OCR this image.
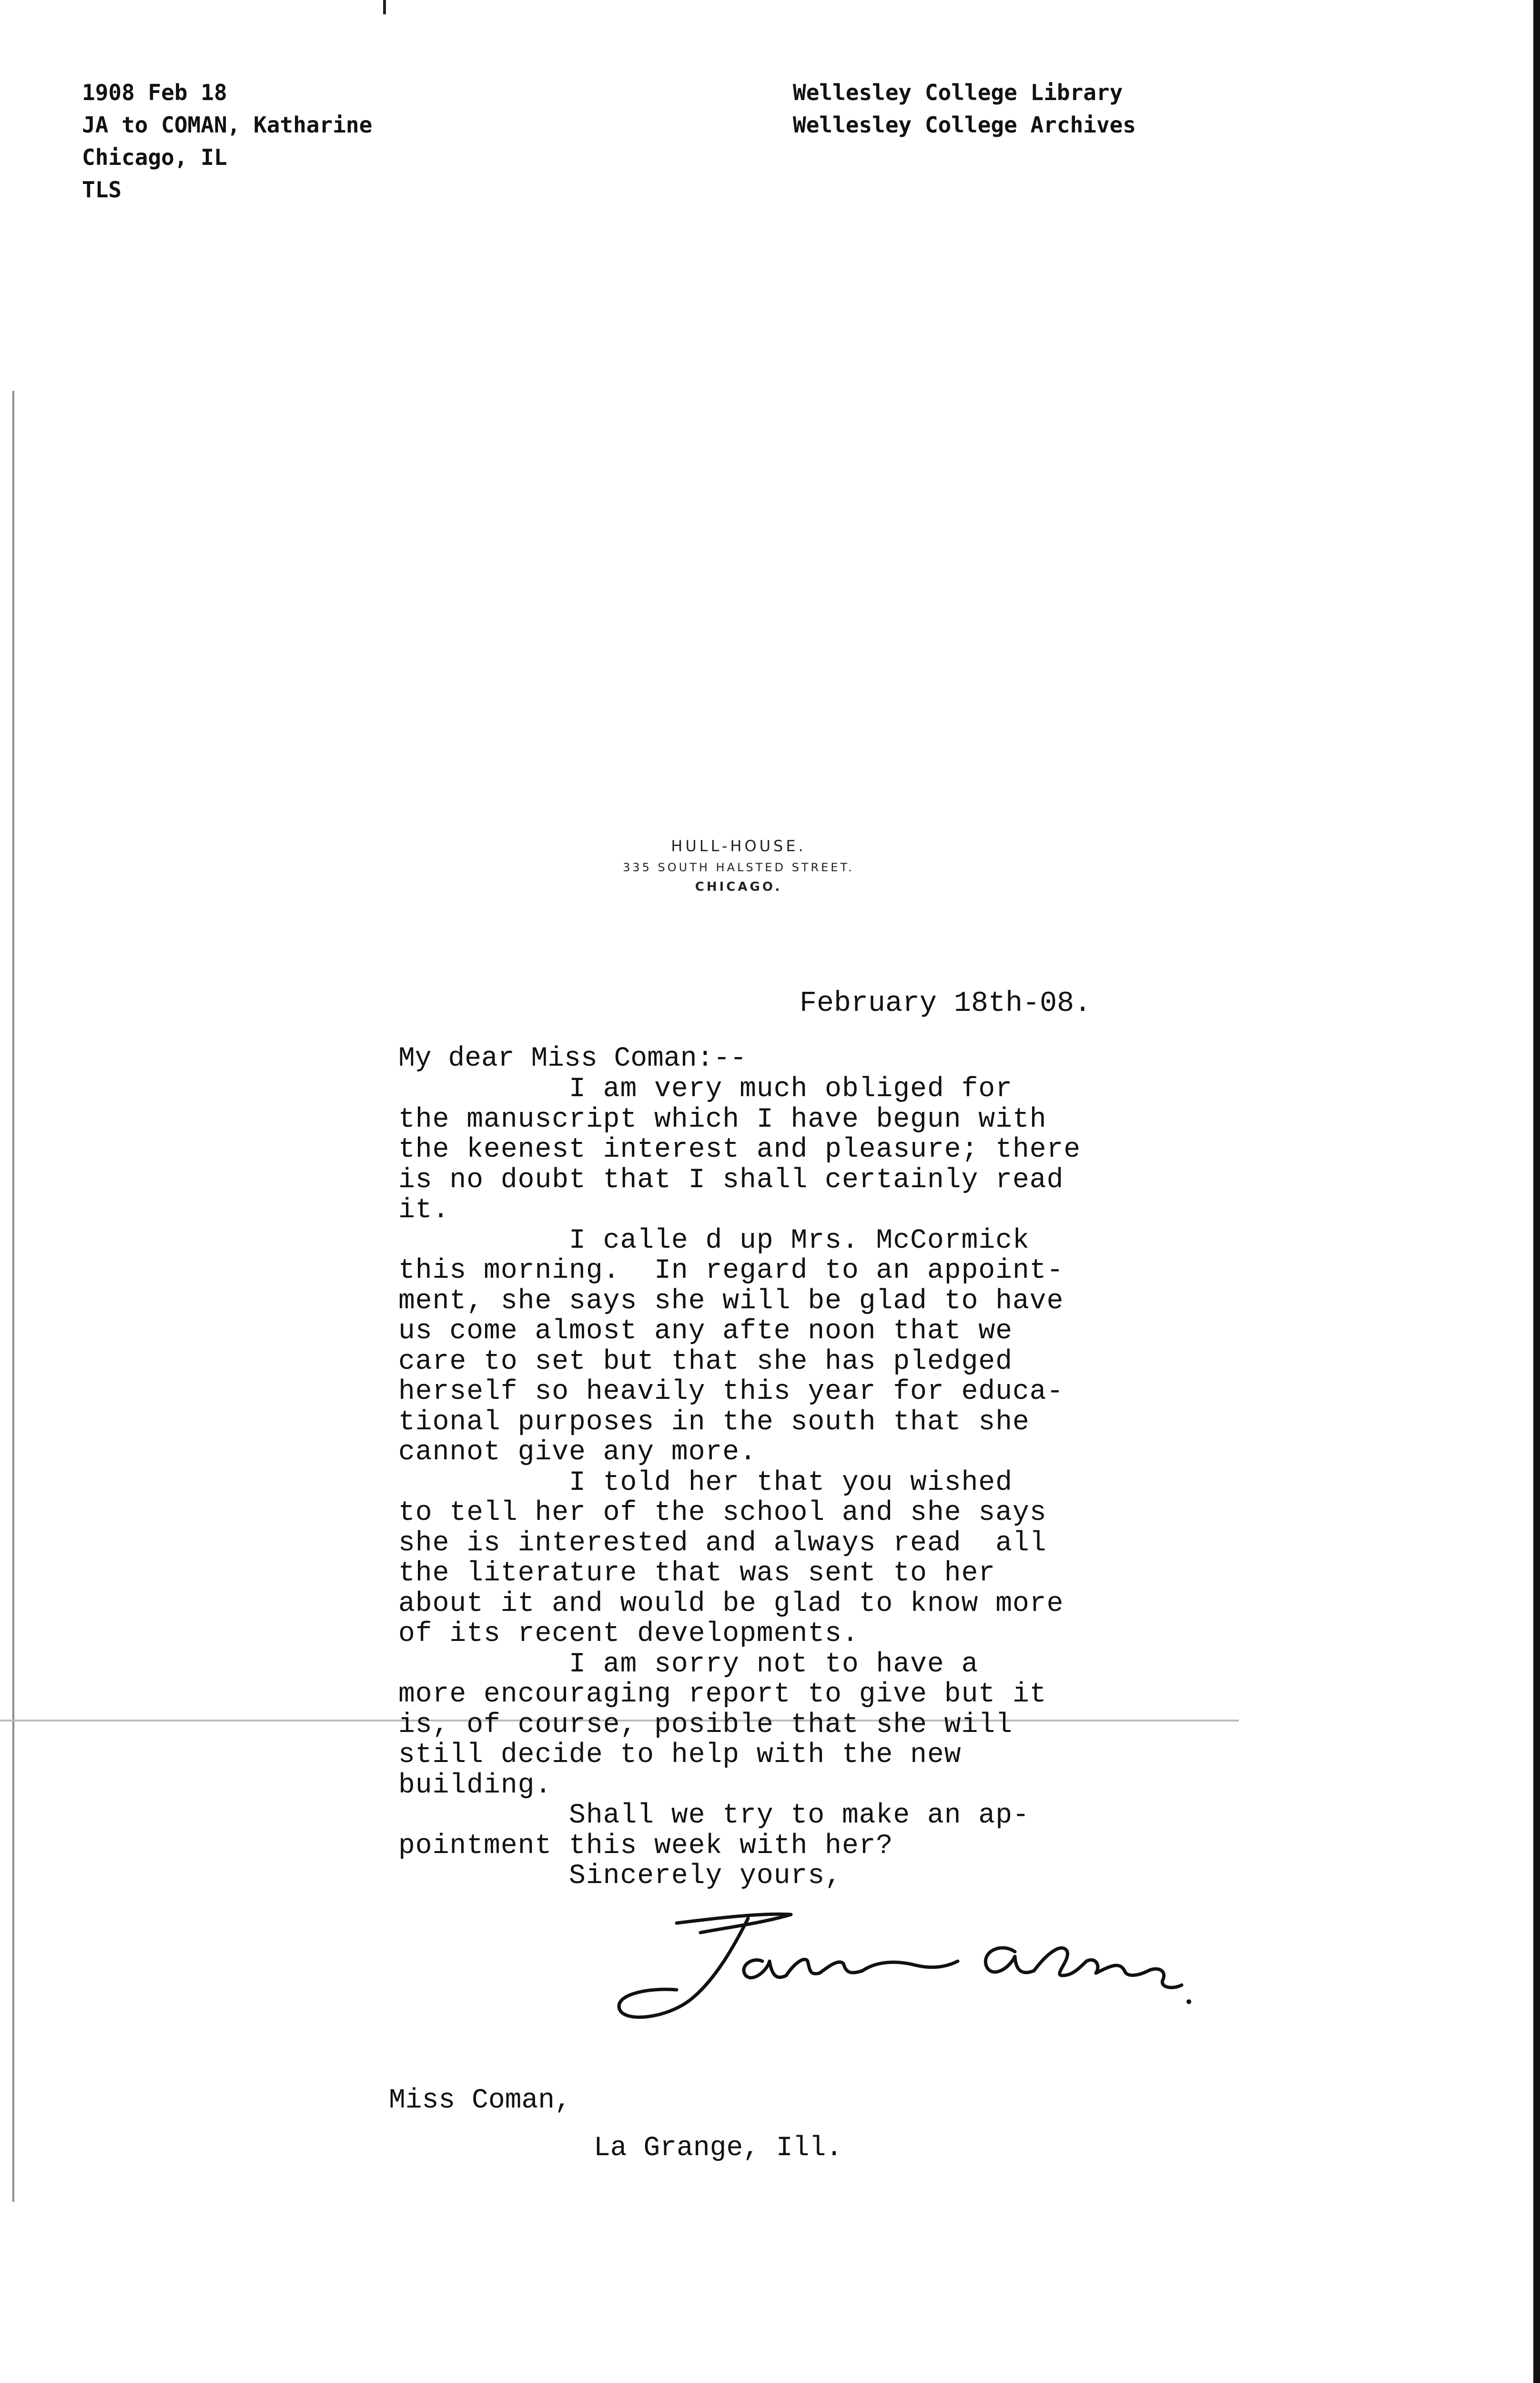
1908 Feb 18
JA to COMAN, Katharine
Chicago, IL
TLS
Wellesley College Library
Wellesley College Archives
HULL-HOUSE.
335 SOUTH HALSTED STREET.
CHICAGO.
February 18th-08.
My dear Miss Coman:--
I am very much obliged for
the manuscript which I have begun with
the keenest interest and pleasure; there
is no doubt that I shall certainly read
it.
I calle d up Mrs. McCormick
this morning.  In regard to an appoint-
ment, she says she will be glad to have
us come almost any afte noon that we
care to set but that she has pledged
herself so heavily this year for educa-
tional purposes in the south that she
cannot give any more.
I told her that you wished
to tell her of the school and she says
she is interested and always read  all
the literature that was sent to her
about it and would be glad to know more
of its recent developments.
I am sorry not to have a
more encouraging report to give but it
is, of course, posible that she will
still decide to help with the new
building.
Shall we try to make an ap-
pointment this week with her?
Sincerely yours,
Miss Coman,
La Grange, Ill.
